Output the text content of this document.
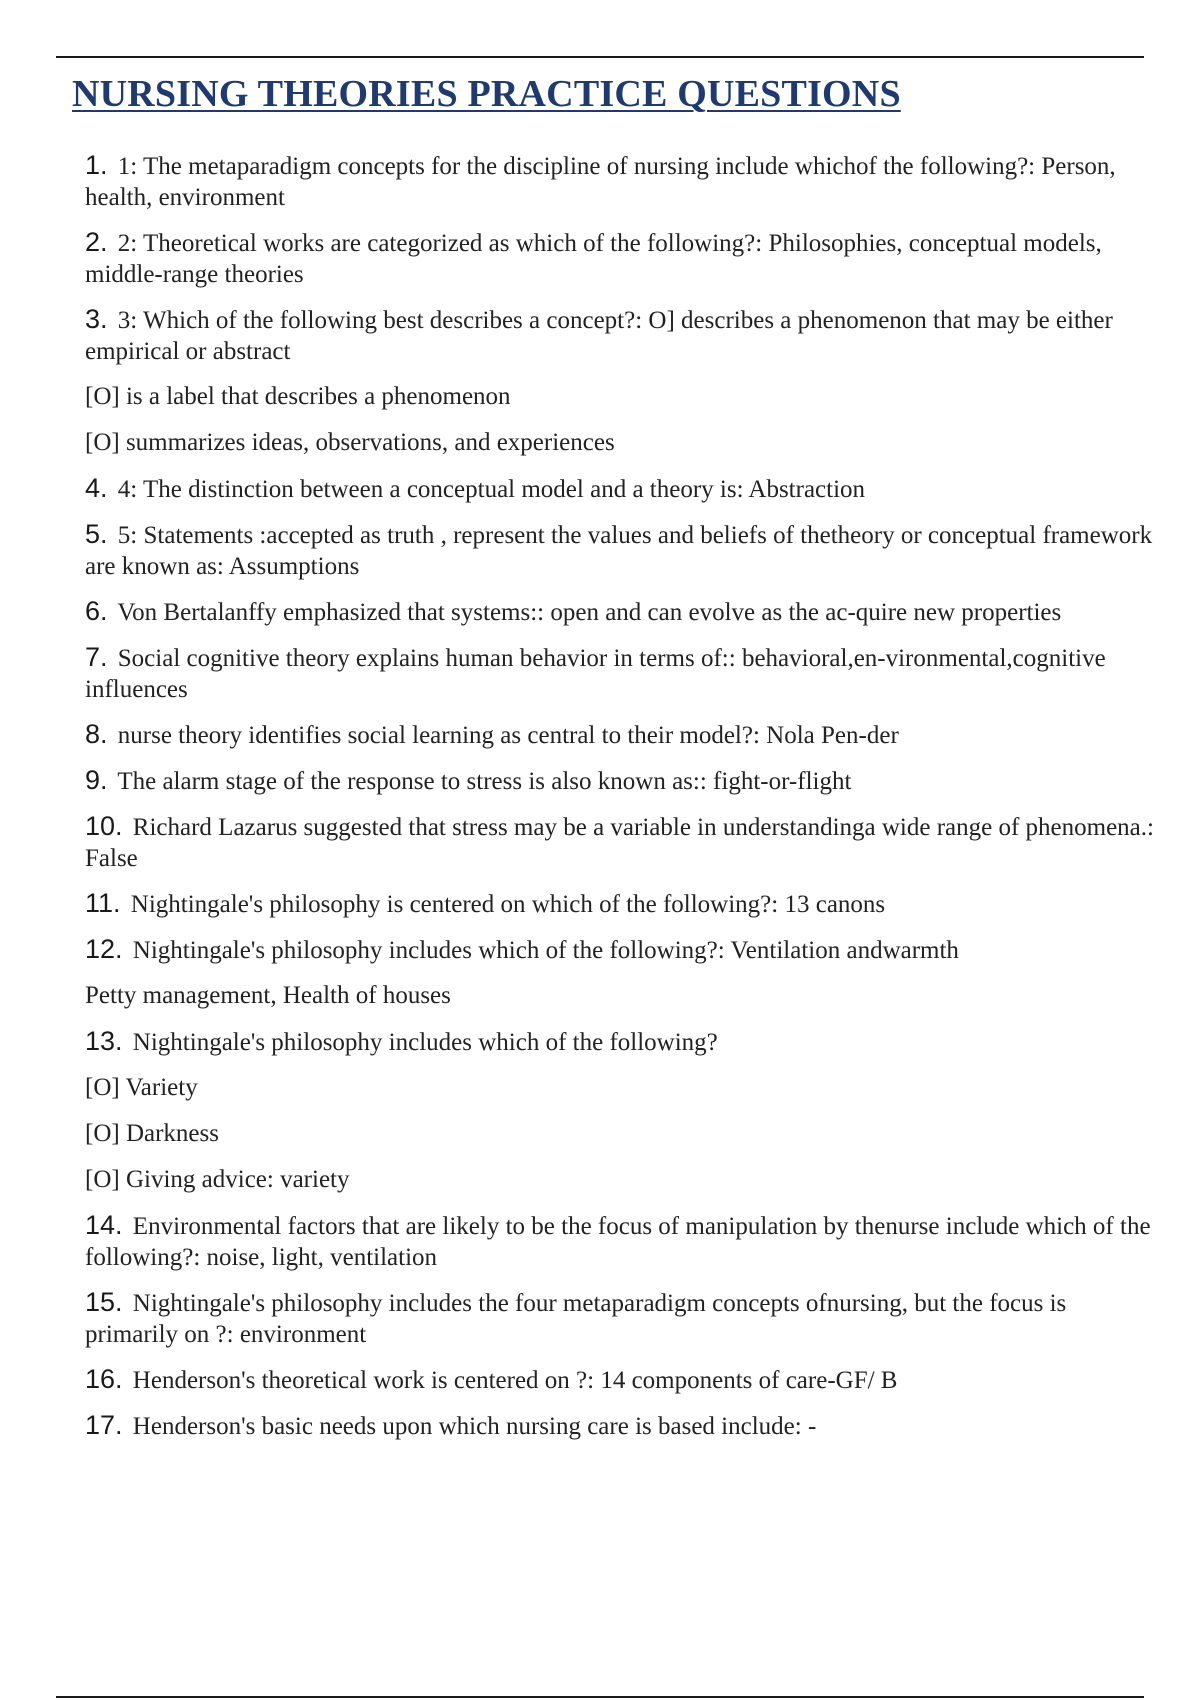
NURSING THEORIES PRACTICE QUESTIONS
1. 1: The metaparadigm concepts for the discipline of nursing include whichof the following?: Person, health, environment
2. 2: Theoretical works are categorized as which of the following?: Philosophies, conceptual models, middle-range theories
3. 3: Which of the following best describes a concept?: O] describes a phenomenon that may be either empirical or abstract
[O] is a label that describes a phenomenon
[O] summarizes ideas, observations, and experiences
4. 4: The distinction between a conceptual model and a theory is: Abstraction
5. 5: Statements :accepted as truth , represent the values and beliefs of thetheory or conceptual framework are known as: Assumptions
6. Von Bertalanffy emphasized that systems:: open and can evolve as the ac-quire new properties
7. Social cognitive theory explains human behavior in terms of:: behavioral,en-vironmental,cognitive influences
8. nurse theory identifies social learning as central to their model?: Nola Pen-der
9. The alarm stage of the response to stress is also known as:: fight-or-flight
10. Richard Lazarus suggested that stress may be a variable in understandinga wide range of phenomena.: False
11. Nightingale's philosophy is centered on which of the following?: 13 canons
12. Nightingale's philosophy includes which of the following?: Ventilation andwarmth
Petty management, Health of houses
13. Nightingale's philosophy includes which of the following?
[O] Variety
[O] Darkness
[O] Giving advice: variety
14. Environmental factors that are likely to be the focus of manipulation by thenurse include which of the following?: noise, light, ventilation
15. Nightingale's philosophy includes the four metaparadigm concepts ofnursing, but the focus is primarily on ?: environment
16. Henderson's theoretical work is centered on ?: 14 components of care-GF/ B
17. Henderson's basic needs upon which nursing care is based include: -
